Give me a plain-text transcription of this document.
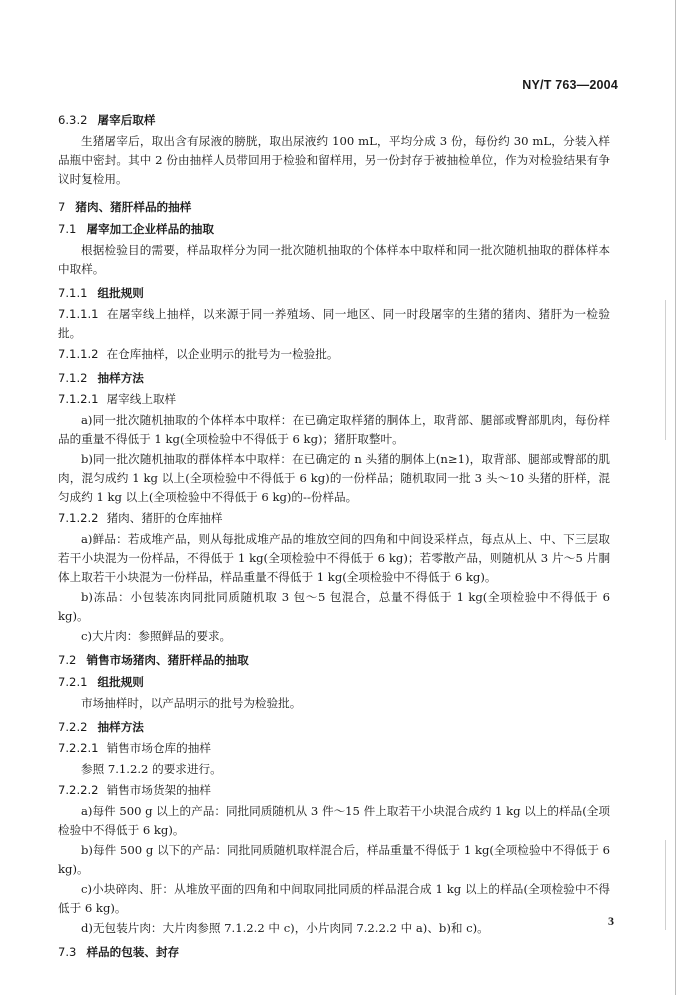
NY/T 763—2004
6.3.2 屠宰后取样
生猪屠宰后，取出含有尿液的膀胱，取出尿液约 100 mL，平均分成 3 份，每份约 30 mL，分装入样品瓶中密封。其中 2 份由抽样人员带回用于检验和留样用，另一份封存于被抽检单位，作为对检验结果有争议时复检用。
7 猪肉、猪肝样品的抽样
7.1 屠宰加工企业样品的抽取
根据检验目的需要，样品取样分为同一批次随机抽取的个体样本中取样和同一批次随机抽取的群体样本中取样。
7.1.1 组批规则
7.1.1.1 在屠宰线上抽样，以来源于同一养殖场、同一地区、同一时段屠宰的生猪的猪肉、猪肝为一检验批。
7.1.1.2 在仓库抽样，以企业明示的批号为一检验批。
7.1.2 抽样方法
7.1.2.1 屠宰线上取样
a)同一批次随机抽取的个体样本中取样：在已确定取样猪的胴体上，取背部、腿部或臀部肌肉，每份样品的重量不得低于 1 kg(全项检验中不得低于 6 kg)；猪肝取整叶。
b)同一批次随机抽取的群体样本中取样：在已确定的 n 头猪的胴体上(n≥1)，取背部、腿部或臀部的肌肉，混匀成约 1 kg 以上(全项检验中不得低于 6 kg)的一份样品；随机取同一批 3 头～10 头猪的肝样，混匀成约 1 kg 以上(全项检验中不得低于 6 kg)的--份样品。
7.1.2.2 猪肉、猪肝的仓库抽样
a)鲜品：若成堆产品，则从每批成堆产品的堆放空间的四角和中间设采样点，每点从上、中、下三层取若干小块混为一份样品，不得低于 1 kg(全项检验中不得低于 6 kg)；若零散产品，则随机从 3 片～5 片胴体上取若干小块混为一份样品，样品重量不得低于 1 kg(全项检验中不得低于 6 kg)。
b)冻品：小包装冻肉同批同质随机取 3 包～5 包混合，总量不得低于 1 kg(全项检验中不得低于 6 kg)。
c)大片肉：参照鲜品的要求。
7.2 销售市场猪肉、猪肝样品的抽取
7.2.1 组批规则
市场抽样时，以产品明示的批号为检验批。
7.2.2 抽样方法
7.2.2.1 销售市场仓库的抽样
参照 7.1.2.2 的要求进行。
7.2.2.2 销售市场货架的抽样
a)每件 500 g 以上的产品：同批同质随机从 3 件～15 件上取若干小块混合成约 1 kg 以上的样品(全项检验中不得低于 6 kg)。
b)每件 500 g 以下的产品：同批同质随机取样混合后，样品重量不得低于 1 kg(全项检验中不得低于 6 kg)。
c)小块碎肉、肝：从堆放平面的四角和中间取同批同质的样品混合成 1 kg 以上的样品(全项检验中不得低于 6 kg)。
d)无包装片肉：大片肉参照 7.1.2.2 中 c)，小片肉同 7.2.2.2 中 a)、b)和 c)。
7.3 样品的包装、封存
3
